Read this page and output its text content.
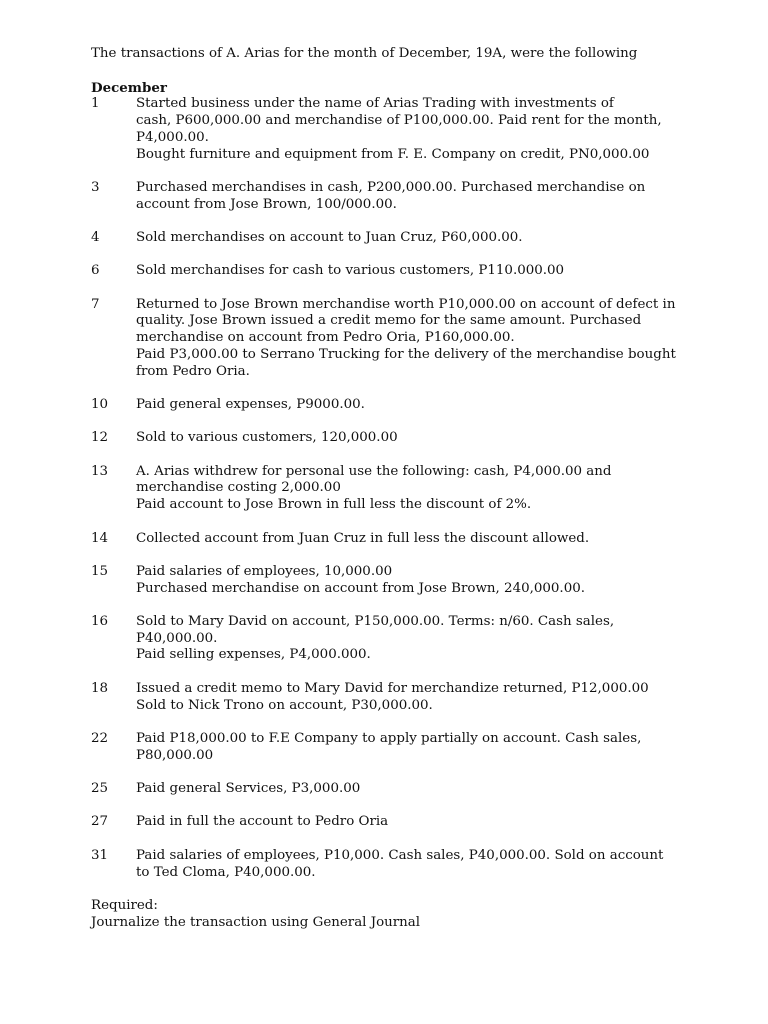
The transactions of A. Arias for the month of December, 19A, were the following
December
1	Started business under the name of Arias Trading with investments of
cash, P600,000.00 and merchandise of P100,000.00. Paid rent for the month,
P4,000.00.
Bought furniture and equipment from F. E. Company on credit, PN0,000.00
3	Purchased merchandises in cash, P200,000.00. Purchased merchandise on
account from Jose Brown, 100/000.00.
4	Sold merchandises on account to Juan Cruz, P60,000.00.
6	Sold merchandises for cash to various customers, P110.000.00
7	Returned to Jose Brown merchandise worth P10,000.00 on account of defect in
quality. Jose Brown issued a credit memo for the same amount. Purchased
merchandise on account from Pedro Oria, P160,000.00.
Paid P3,000.00 to Serrano Trucking for the delivery of the merchandise bought
from Pedro Oria.
10	Paid general expenses, P9000.00.
12	Sold to various customers, 120,000.00
13	A. Arias withdrew for personal use the following: cash, P4,000.00 and
merchandise costing 2,000.00
Paid account to Jose Brown in full less the discount of 2%.
14	Collected account from Juan Cruz in full less the discount allowed.
15	Paid salaries of employees, 10,000.00
Purchased merchandise on account from Jose Brown, 240,000.00.
16	Sold to Mary David on account, P150,000.00. Terms: n/60. Cash sales,
P40,000.00.
Paid selling expenses, P4,000.000.
18	Issued a credit memo to Mary David for merchandize returned, P12,000.00
Sold to Nick Trono on account, P30,000.00.
22	Paid P18,000.00 to F.E Company to apply partially on account. Cash sales,
P80,000.00
25	Paid general Services, P3,000.00
27	Paid in full the account to Pedro Oria
31	Paid salaries of employees, P10,000. Cash sales, P40,000.00. Sold on account
to Ted Cloma, P40,000.00.
Required:
Journalize the transaction using General Journal
